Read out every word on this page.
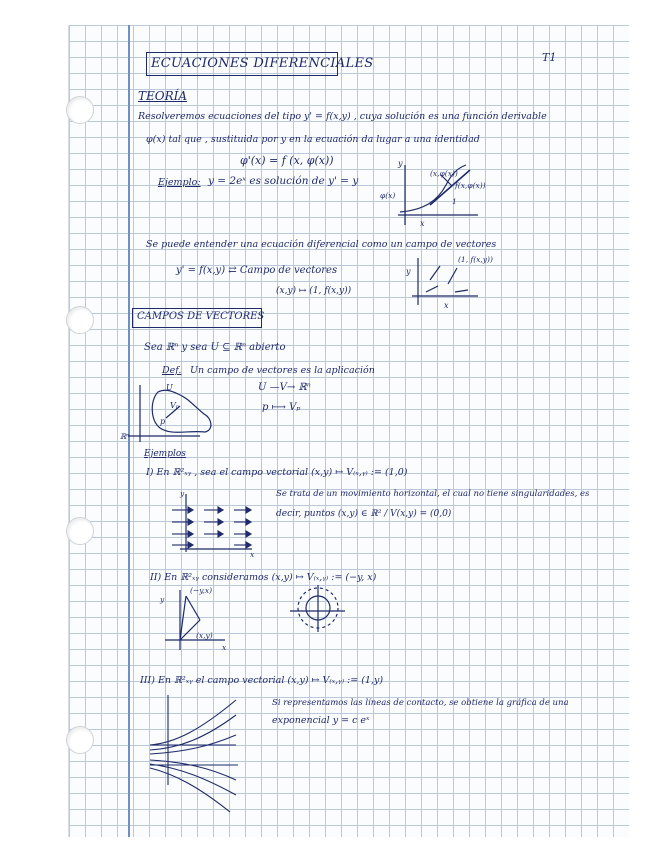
ECUACIONES DIFERENCIALES	T1
TEORÍA
Resolveremos ecuaciones del tipo y' = f(x,y) , cuya solución es una función derivable
φ(x) tal que , sustituida por y en la ecuación da lugar a una identidad
φ'(x) = f (x, φ(x))
Ejemplo: y = 2eˣ es solución de y' = y
y
x
(x,φ(x))
f(x,φ(x))
φ(x)
1
Se puede entender una ecuación diferencial como un campo de vectores
y' = f(x,y) ⇄ Campo de vectores
(x,y) ↦ (1, f(x,y))
(1, f(x,y))
y
x
CAMPOS DE VECTORES
Sea ℝⁿ y sea U ⊆ ℝⁿ abierto
Def. Un campo de vectores es la aplicación
U —V→ ℝⁿ
p ⟼ Vₚ
U
Vₚ
p
ℝⁿ
Ejemplos
I) En ℝ²ₓᵧ , sea el campo vectorial (x,y) ↦ V₍ₓ,ᵧ₎ := (1,0)
Se trata de un movimiento horizontal, el cual no tiene singularidades, es
decir, puntos (x,y) ∈ ℝ² / V(x,y) = (0,0)
y
x
II) En ℝ²ₓᵧ consideramos (x,y) ↦ V₍ₓ,ᵧ₎ := (−y, x)
(−y,x)
(x,y)
y
x
III) En ℝ²ₓᵧ el campo vectorial (x,y) ↦ V₍ₓ,ᵧ₎ := (1,y)
Si representamos las líneas de contacto, se obtiene la gráfica de una
exponencial y = c eˣ
